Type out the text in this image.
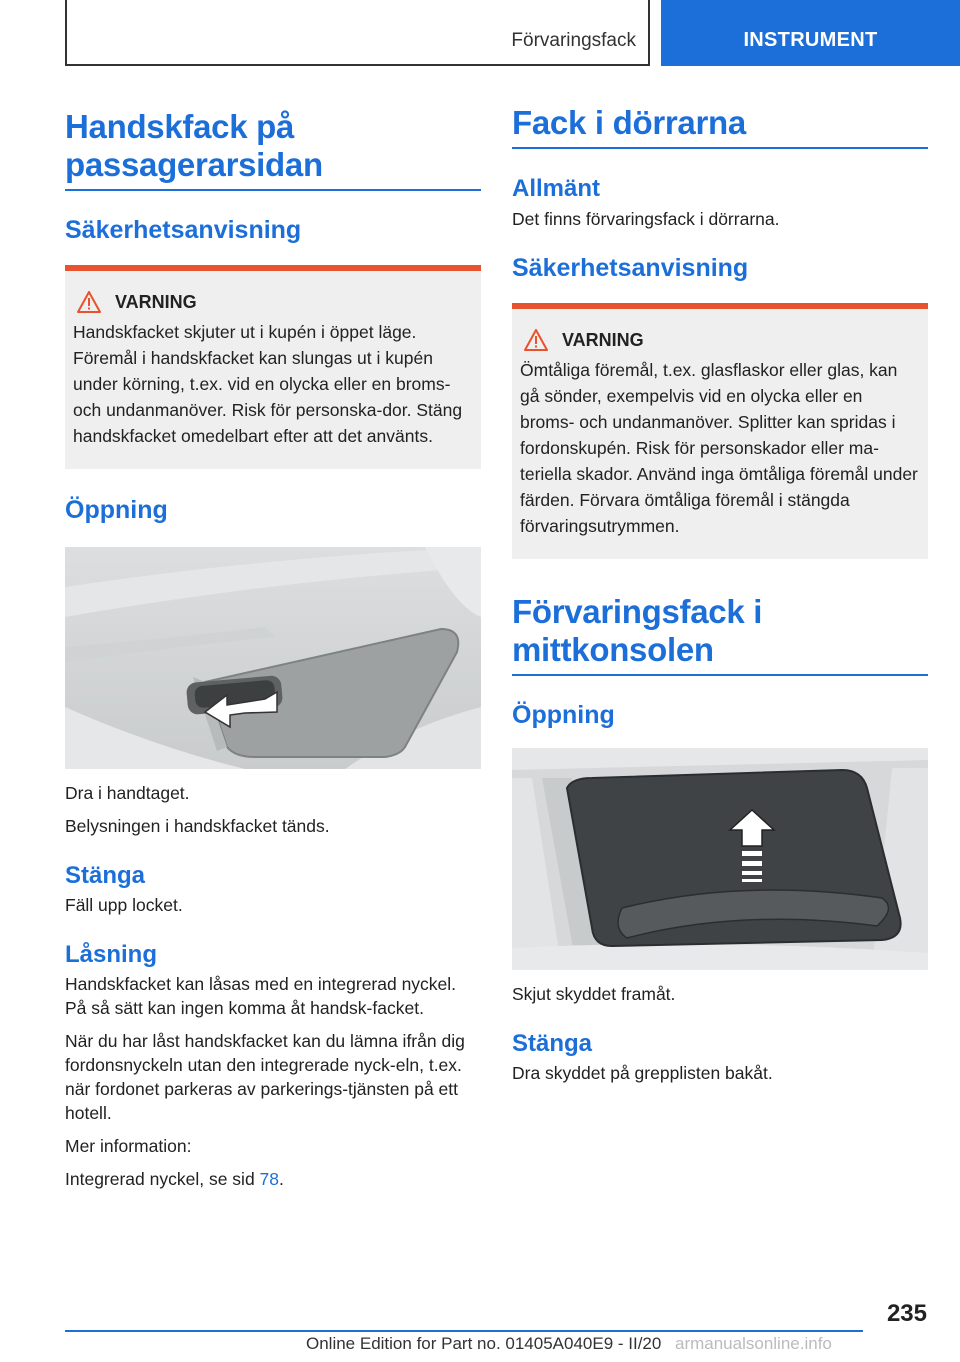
Förvaringsfack	INSTRUMENT
Handskfack på passagerarsidan
Säkerhetsanvisning
VARNING

Handskfacket skjuter ut i kupén i öppet läge. Föremål i handskfacket kan slungas ut i kupén under körning, t.ex. vid en olycka eller en broms- och undanmanöver. Risk för personska-dor. Stäng handskfacket omedelbart efter att det använts.

Öppning

Dra i handtaget.

Belysningen i handskfacket tänds.

Stänga

Fäll upp locket.

Låsning

Handskfacket kan låsas med en integrerad nyckel. På så sätt kan ingen komma åt handsk-facket.

När du har låst handskfacket kan du lämna ifrån dig fordonsnyckeln utan den integrerade nyck-eln, t.ex. när fordonet parkeras av parkerings-tjänsten på ett hotell.

Mer information:

Integrerad nyckel, se sid 78.

Fack i dörrarna
Allmänt

Det finns förvaringsfack i dörrarna.

Säkerhetsanvisning
VARNING

Ömtåliga föremål, t.ex. glasflaskor eller glas, kan gå sönder, exempelvis vid en olycka eller en broms- och undanmanöver. Splitter kan spridas i fordonskupén. Risk för personskador eller ma-teriella skador. Använd inga ömtåliga föremål under färden. Förvara ömtåliga föremål i stängda förvaringsutrymmen.

Förvaringsfack i mittkonsolen
Öppning

Skjut skyddet framåt.

Stänga

Dra skyddet på grepplisten bakåt.

235
Online Edition for Part no. 01405A040E9 - II/20 armanualsonline.info
